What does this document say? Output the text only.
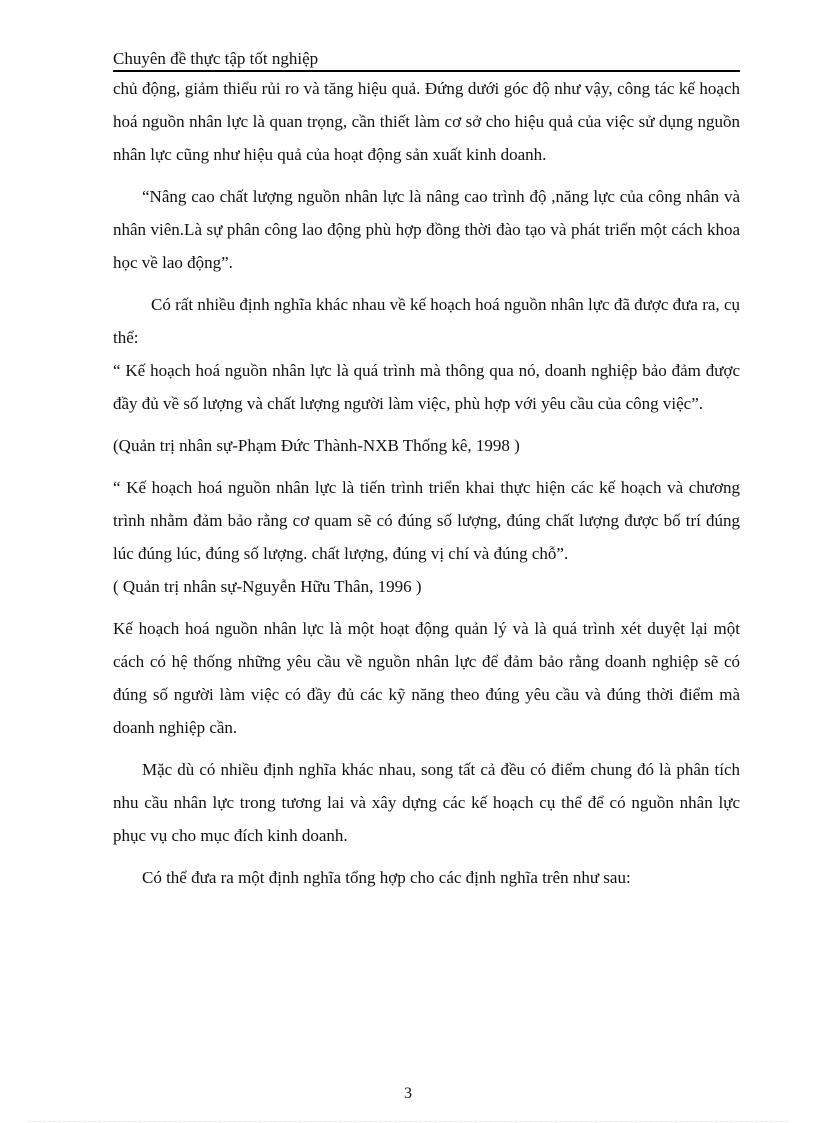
Chuyên đề thực tập tốt nghiệp

chủ động, giảm thiểu rủi ro và tăng hiệu quả. Đứng dưới góc độ như vậy, công tác kế hoạch hoá nguồn nhân lực là quan trọng, cần thiết làm cơ sở cho hiệu quả của việc sử dụng nguồn nhân lực cũng như hiệu quả của hoạt động sản xuất kinh doanh.

“Nâng cao chất lượng nguồn nhân lực là nâng cao trình độ ,năng lực của công nhân và nhân viên.Là sự phân công lao động phù hợp đồng thời đào tạo và phát triển một cách khoa học về lao động”.

Có rất nhiều định nghĩa khác nhau về kế hoạch hoá nguồn nhân lực đã được đưa ra, cụ thể:

“ Kế hoạch hoá nguồn nhân lực là quá trình mà thông qua nó, doanh nghiệp bảo đảm được đầy đủ về số lượng và chất lượng người làm việc, phù hợp với yêu cầu của công việc”.

(Quản trị nhân sự-Phạm Đức Thành-NXB Thống kê, 1998 )

“ Kế hoạch hoá nguồn nhân lực là tiến trình triển khai thực hiện các kế hoạch và chương trình nhằm đảm bảo rằng cơ quam sẽ có đúng số lượng, đúng chất lượng được bố trí đúng lúc đúng lúc, đúng số lượng. chất lượng, đúng vị chí và đúng chỗ”.

( Quản trị nhân sự-Nguyễn Hữu Thân, 1996 )

Kế hoạch hoá nguồn nhân lực là một hoạt động quản lý và là quá trình xét duyệt lại một cách có hệ thống những yêu cầu về nguồn nhân lực để đảm bảo rằng doanh nghiệp sẽ có đúng số người làm việc có đầy đủ các kỹ năng theo đúng yêu cầu và đúng thời điểm mà doanh nghiệp cần.

Mặc dù có nhiều định nghĩa khác nhau, song tất cả đều có điểm chung đó là phân tích nhu cầu nhân lực trong tương lai và xây dựng các kế hoạch cụ thể để có nguồn nhân lực phục vụ cho mục đích kinh doanh.

Có thể đưa ra một định nghĩa tổng hợp cho các định nghĩa trên như sau:

3
